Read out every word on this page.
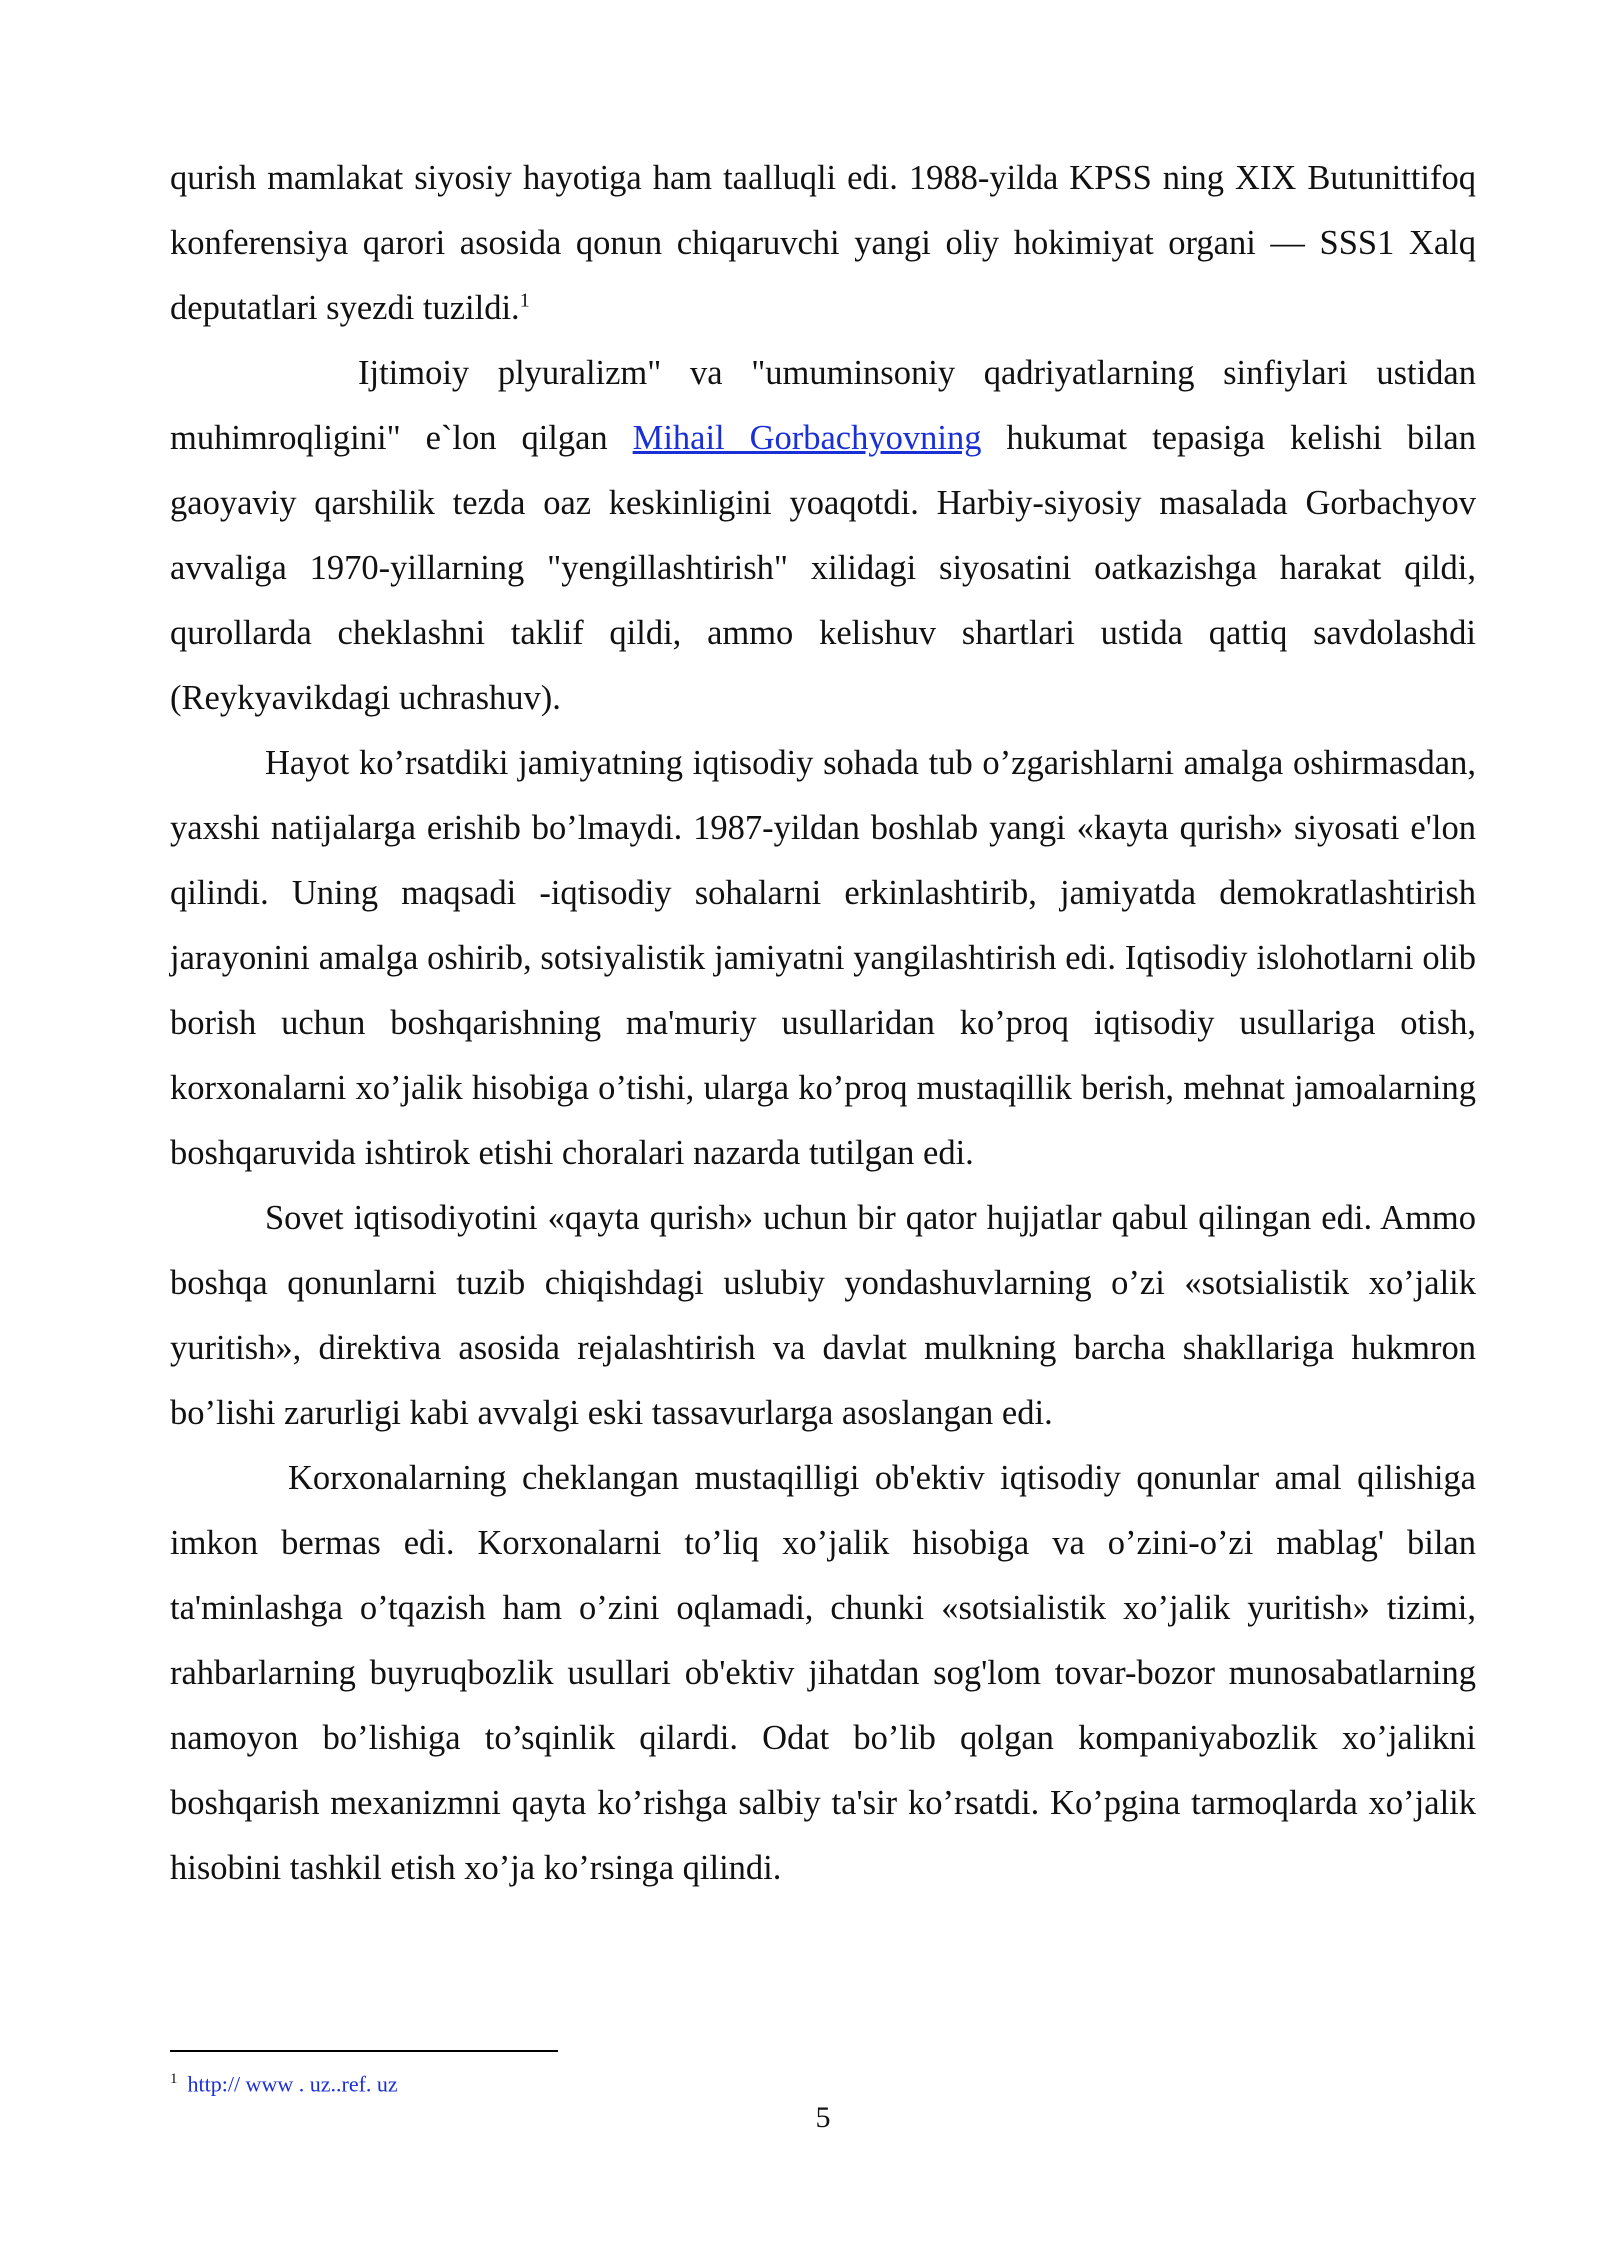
qurish mamlakat siyosiy hayotiga ham taalluqli edi. 1988-yilda KPSS ning XIX Butunittifoq konferensiya qarori asosida qonun chiqaruvchi yangi oliy hokimiyat organi — SSS1 Xalq deputatlari syezdi tuzildi.$^1$

Ijtimoiy plyuralizm" va "umuminsoniy qadriyatlarning sinfiylari ustidan muhimroqligini" e`lon qilgan Mihail Gorbachyovning hukumat tepasiga kelishi bilan gaoyaviy qarshilik tezda oaz keskinligini yoaqotdi. Harbiy-siyosiy masalada Gorbachyov avvaliga 1970-yillarning "yengillashtirish" xilidagi siyosatini oatkazishga harakat qildi, qurollarda cheklashni taklif qildi, ammo kelishuv shartlari ustida qattiq savdolashdi (Reykyavikdagi uchrashuv).

Hayot ko’rsatdiki jamiyatning iqtisodiy sohada tub o’zgarishlarni amalga oshirmasdan, yaxshi natijalarga erishib bo’lmaydi. 1987-yildan boshlab yangi «kayta qurish» siyosati e'lon qilindi. Uning maqsadi -iqtisodiy sohalarni erkinlashtirib, jamiyatda demokratlashtirish jarayonini amalga oshirib, sotsiyalistik jamiyatni yangilashtirish edi. Iqtisodiy islohotlarni olib borish uchun boshqarishning ma'muriy usullaridan ko’proq iqtisodiy usullariga otish, korxonalarni xo’jalik hisobiga o’tishi, ularga ko’proq mustaqillik berish, mehnat jamoalarning boshqaruvida ishtirok etishi choralari nazarda tutilgan edi.

Sovet iqtisodiyotini «qayta qurish» uchun bir qator hujjatlar qabul qilingan edi. Ammo boshqa qonunlarni tuzib chiqishdagi uslubiy yondashuvlarning o’zi «sotsialistik xo’jalik yuritish», direktiva asosida rejalashtirish va davlat mulkning barcha shakllariga hukmron bo’lishi zarurligi kabi avvalgi eski tassavurlarga asoslangan edi.

Korxonalarning cheklangan mustaqilligi ob'ektiv iqtisodiy qonunlar amal qilishiga imkon bermas edi. Korxonalarni to’liq xo’jalik hisobiga va o’zini-o’zi mablag' bilan ta'minlashga o’tqazish ham o’zini oqlamadi, chunki «sotsialistik xo’jalik yuritish» tizimi, rahbarlarning buyruqbozlik usullari ob'ektiv jihatdan sog'lom tovar-bozor munosabatlarning namoyon bo’lishiga to’sqinlik qilardi. Odat bo’lib qolgan kompaniyabozlik xo’jalikni boshqarish mexanizmni qayta ko’rishga salbiy ta'sir ko’rsatdi. Ko’pgina tarmoqlarda xo’jalik hisobini tashkil etish xo’ja ko’rsinga qilindi.

$^1$ http:// www . uz..ref. uz
5
